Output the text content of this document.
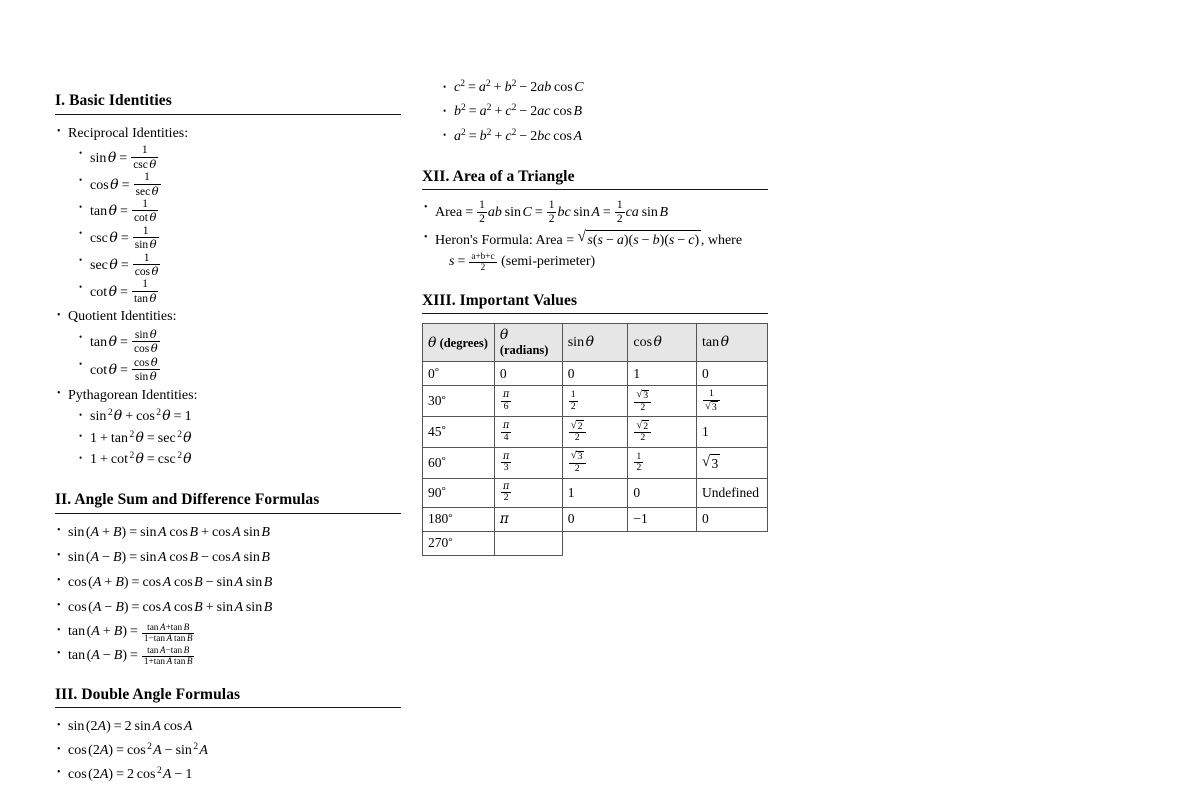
I. Basic Identities
• Reciprocal Identities:
• $\sin \theta = \frac{1}{\text{csc θ}}$
• $\cos \theta = \frac{1}{\text{sec θ}}$
• $\tan \theta = \frac{1}{\text{cot θ}}$
• $\csc \theta = \frac{1}{\text{sin θ}}$
• $\sec \theta = \frac{1}{\text{cos θ}}$
• $\cot \theta = \frac{1}{\text{tan θ}}$
• Quotient Identities:
• $\tan \theta = \frac{\text{sin θ}}{\text{cos θ}}$
• $\cot \theta = \frac{\text{cos θ}}{\text{sin θ}}$
• Pythagorean Identities:
• sin $^2$ θ + cos $^2$ θ = 1
• 1 + tan $^2$ θ = sec $^2$ θ
• 1 + cot $^2$ θ = csc $^2$ θ
II. Angle Sum and Difference Formulas
• sin (A + B) = sin A  cos B + cos A  sin B
• sin (A − B) = sin A  cos B − cos A  sin B
• cos (A + B) = cos A  cos B − sin A  sin B
• cos (A − B) = cos A  cos B + sin A  sin B
• $\tan (A + B) = \frac{\text{tan A+tan B}}{\text{1−tan A  tan B}}$
• $\tan (A - B) = \frac{\text{tan A−tan B}}{\text{1+tan A  tan B}}$
III. Double Angle Formulas
• sin (2A) = 2 sin A  cos A
• cos (2A) = cos $^2$ A − sin $^2$ A
• cos (2A) = 2 cos $^2$ A − 1
• $c^2 = a^2 + b^2 - 2ab$  cos C
• $b^2 = a^2 + c^2 - 2ac$  cos B
• $a^2 = b^2 + c^2 - 2bc$  cos A
XII. Area of a Triangle
• Area = $\frac{1}{2}$ ab  $\sin C = \frac{1}{2}$ bc  $\sin A = \frac{1}{2}$ ca  sin B
• Heron's Formula: Area = √ s(s − a)(s − b)(s − c) , where
$s = \frac{a+b+c}{2}$ (semi-perimeter)
XIII. Important Values
θ (degrees)	θ (radians)	sin θ	cos θ	tan θ
0 °	0	0	1	0
30 °	$\frac{\pi}{6}$	$\frac{1}{2}$	$\frac{√ 3}{2}$	$\frac{1}{√ 3}$

45 °	$\frac{\pi}{4}$	$\frac{√ 2}{2}$	$\frac{√ 2}{2}$	1
60 °	$\frac{\pi}{3}$	$\frac{√ 3}{2}$	$\frac{1}{2}$	√ 3
90 °	$\frac{\pi}{2}$	1	0	Undefined
180 °	π	0	−1	0
270 °				
